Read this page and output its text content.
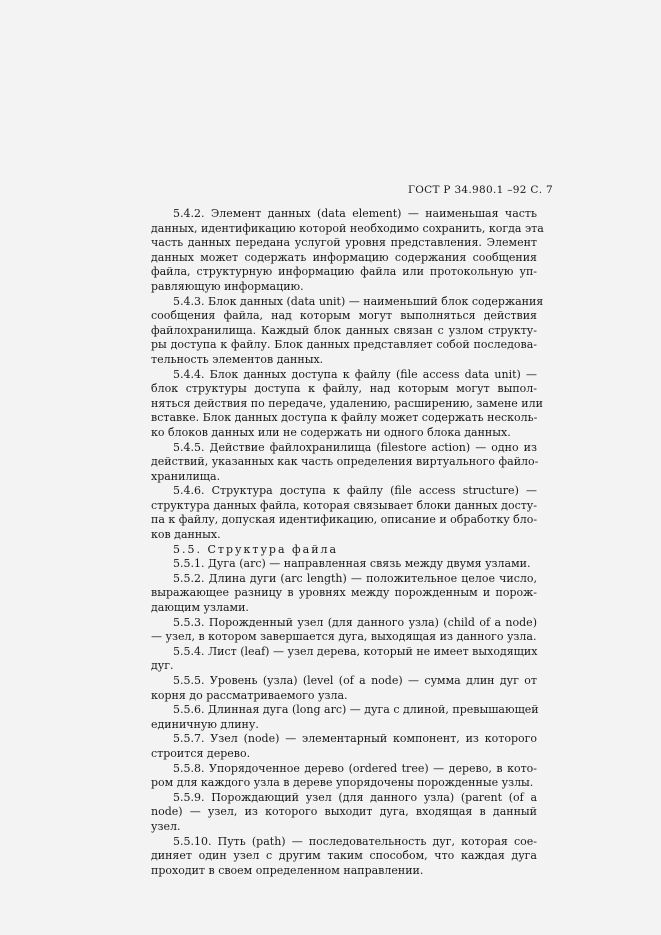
ГОСТ Р 34.980.1 –92 С. 7
5.4.2. Элемент данных (data element) — наименьшая часть
данных, идентификацию которой необходимо сохранить, когда эта
часть данных передана услугой уровня представления. Элемент
данных может содержать информацию содержания сообщения
файла, структурную информацию файла или протокольную уп-
равляющую информацию.
5.4.3. Блок данных (data unit) — наименьший блок содержания
сообщения файла, над которым могут выполняться действия
файлохранилища. Каждый блок данных связан с узлом структу-
ры доступа к файлу. Блок данных представляет собой последова-
тельность элементов данных.
5.4.4. Блок данных доступа к файлу (file access data unit) —
блок структуры доступа к файлу, над которым могут выпол-
няться действия по передаче, удалению, расширению, замене или
вставке. Блок данных доступа к файлу может содержать несколь-
ко блоков данных или не содержать ни одного блока данных.
5.4.5. Действие файлохранилища (filestore action) — одно из
действий, указанных как часть определения виртуального файло-
хранилища.
5.4.6. Структура доступа к файлу (file access structure) —
структура данных файла, которая связывает блоки данных досту-
па к файлу, допуская идентификацию, описание и обработку бло-
ков данных.
5.5. Структура файла
5.5.1. Дуга (arc) — направленная связь между двумя узлами.
5.5.2. Длина дуги (arc length) — положительное целое число,
выражающее разницу в уровнях между порожденным и порож-
дающим узлами.
5.5.3. Порожденный узел (для данного узла) (child of a node)
— узел, в котором завершается дуга, выходящая из данного узла.
5.5.4. Лист (leaf) — узел дерева, который не имеет выходящих
дуг.
5.5.5. Уровень (узла) (level (of a node) — сумма длин дуг от
корня до рассматриваемого узла.
5.5.6. Длинная дуга (long arc) — дуга с длиной, превышающей
единичную длину.
5.5.7. Узел (node) — элементарный компонент, из которого
строится дерево.
5.5.8. Упорядоченное дерево (ordered tree) — дерево, в кото-
ром для каждого узла в дереве упорядочены порожденные узлы.
5.5.9. Порождающий узел (для данного узла) (parent (of a
node) — узел, из которого выходит дуга, входящая в данный
узел.
5.5.10. Путь (path) — последовательность дуг, которая сое-
диняет один узел с другим таким способом, что каждая дуга
проходит в своем определенном направлении.
